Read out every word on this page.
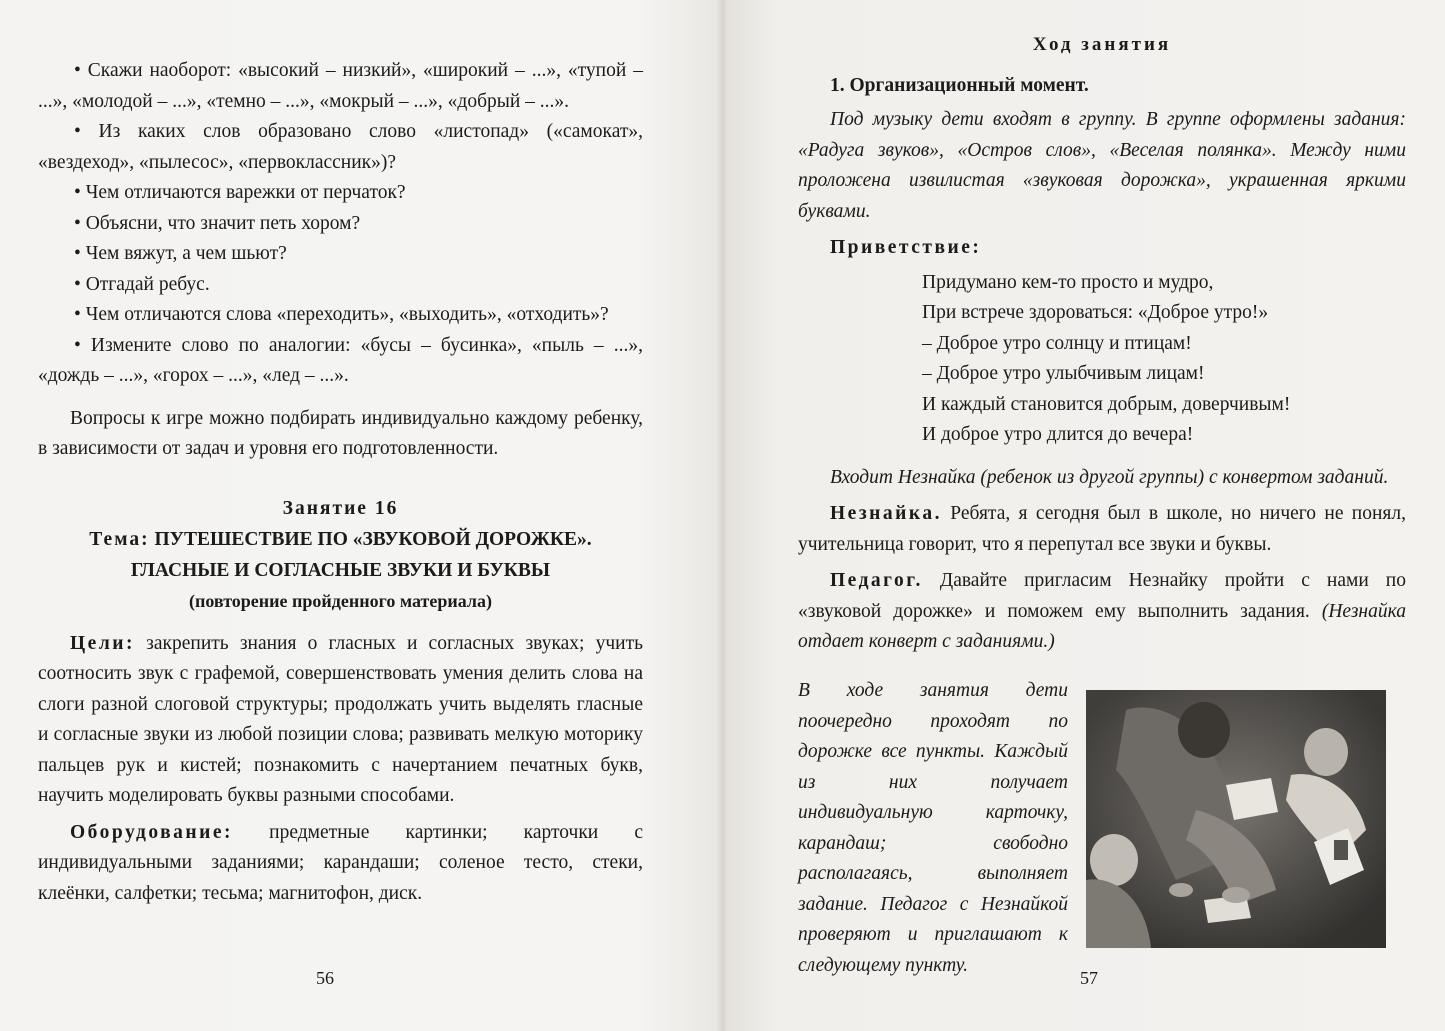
• Скажи наоборот: «высокий – низкий», «широкий – ...», «тупой – ...», «молодой – ...», «темно – ...», «мокрый – ...», «добрый – ...».

• Из каких слов образовано слово «листопад» («самокат», «вездеход», «пылесос», «первоклассник»)?

• Чем отличаются варежки от перчаток?

• Объясни, что значит петь хором?

• Чем вяжут, а чем шьют?

• Отгадай ребус.

• Чем отличаются слова «переходить», «выходить», «отходить»?

• Измените слово по аналогии: «бусы – бусинка», «пыль – ...», «дождь – ...», «горох – ...», «лед – ...».

Вопросы к игре можно подбирать индивидуально каждому ребенку, в зависимости от задач и уровня его подготовленности.

Занятие 16
Тема: ПУТЕШЕСТВИЕ ПО «ЗВУКОВОЙ ДОРОЖКЕ».
ГЛАСНЫЕ И СОГЛАСНЫЕ ЗВУКИ И БУКВЫ
(повторение пройденного материала)

Цели: закрепить знания о гласных и согласных звуках; учить соотносить звук с графемой, совершенствовать умения делить слова на слоги разной слоговой структуры; продолжать учить выделять гласные и согласные звуки из любой позиции слова; развивать мелкую моторику пальцев рук и кистей; познакомить с начертанием печатных букв, научить моделировать буквы разными способами.

Оборудование: предметные картинки; карточки с индивидуальными заданиями; карандаши; соленое тесто, стеки, клеёнки, салфетки; тесьма; магнитофон, диск.

56

Ход занятия

1. Организационный момент.

Под музыку дети входят в группу. В группе оформлены задания: «Радуга звуков», «Остров слов», «Веселая полянка». Между ними проложена извилистая «звуковая дорожка», украшенная яркими буквами.

Приветствие:

Придумано кем-то просто и мудро,
При встрече здороваться: «Доброе утро!»
– Доброе утро солнцу и птицам!
– Доброе утро улыбчивым лицам!
И каждый становится добрым, доверчивым!
И доброе утро длится до вечера!

Входит Незнайка (ребенок из другой группы) с конвертом заданий.

Незнайка. Ребята, я сегодня был в школе, но ничего не понял, учительница говорит, что я перепутал все звуки и буквы.

Педагог. Давайте пригласим Незнайку пройти с нами по «звуковой дорожке» и поможем ему выполнить задания. (Незнайка отдает конверт с заданиями.)

В ходе занятия дети поочередно проходят по дорожке все пункты. Каждый из них получает индивидуальную карточку, карандаш; свободно располагаясь, выполняет задание. Педагог с Незнайкой проверяют и приглашают к следующему пункту.
57
